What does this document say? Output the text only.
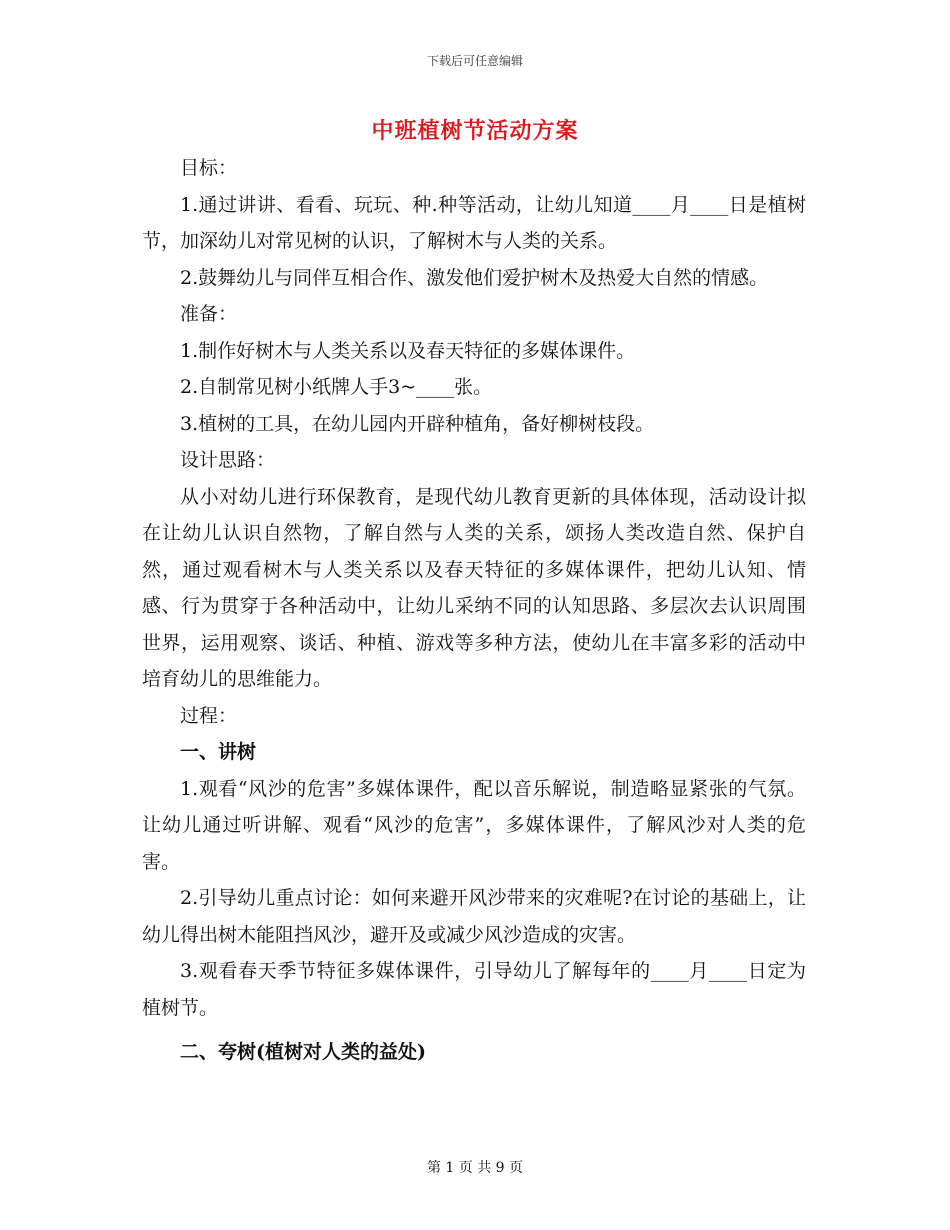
下载后可任意编辑
中班植树节活动方案

目标：

1.通过讲讲、看看、玩玩、种.种等活动，让幼儿知道____月____日是植树节，加深幼儿对常见树的认识，了解树木与人类的关系。

2.鼓舞幼儿与同伴互相合作、激发他们爱护树木及热爱大自然的情感。

准备：

1.制作好树木与人类关系以及春天特征的多媒体课件。

2.自制常见树小纸牌人手3~____张。

3.植树的工具，在幼儿园内开辟种植角，备好柳树枝段。

设计思路：

从小对幼儿进行环保教育，是现代幼儿教育更新的具体体现，活动设计拟在让幼儿认识自然物，了解自然与人类的关系，颂扬人类改造自然、保护自然，通过观看树木与人类关系以及春天特征的多媒体课件，把幼儿认知、情感、行为贯穿于各种活动中，让幼儿采纳不同的认知思路、多层次去认识周围世界，运用观察、谈话、种植、游戏等多种方法，使幼儿在丰富多彩的活动中培育幼儿的思维能力。

过程：

一、讲树

1.观看“风沙的危害”多媒体课件，配以音乐解说，制造略显紧张的气氛。让幼儿通过听讲解、观看“风沙的危害”，多媒体课件，了解风沙对人类的危害。

2.引导幼儿重点讨论：如何来避开风沙带来的灾难呢?在讨论的基础上，让幼儿得出树木能阻挡风沙，避开及或减少风沙造成的灾害。

3.观看春天季节特征多媒体课件，引导幼儿了解每年的____月____日定为植树节。

二、夸树(植树对人类的益处)

第 1 页 共 9 页
